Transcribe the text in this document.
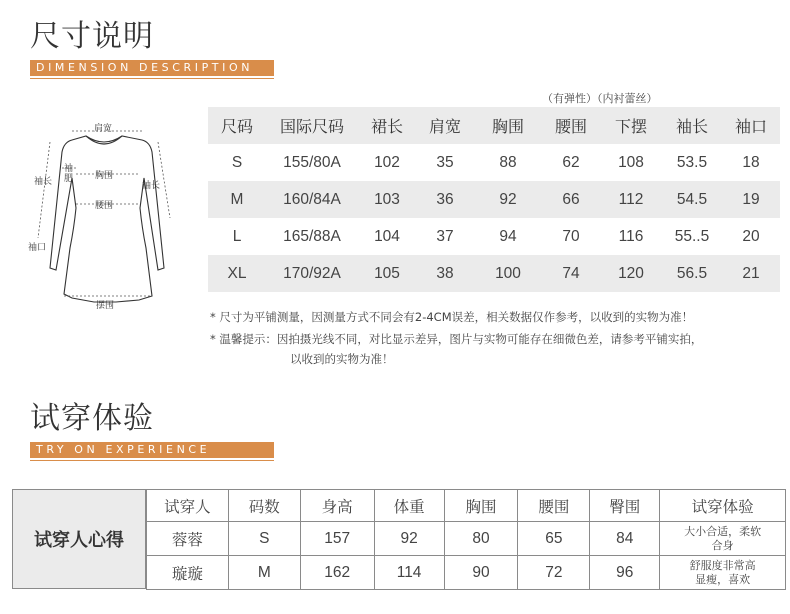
尺寸说明
DIMENSION DESCRIPTION
肩宽
袖长
袖肥 胸围
腰围
袖长
袖口
摆围
（有弹性）（内衬蕾丝）
尺码	国际尺码	裙长	肩宽	胸围	腰围	下摆	袖长	袖口
S	155/80A	102	35	88	62	108	53.5	18
M	160/84A	103	36	92	66	112	54.5	19
L	165/88A	104	37	94	70	116	55..5	20
XL	170/92A	105	38	100	74	120	56.5	21
* 尺寸为平铺测量，因测量方式不同会有2-4CM误差，相关数据仅作参考，以收到的实物为准！
* 温馨提示：因拍摄光线不同，对比显示差异，图片与实物可能存在细微色差，请参考平铺实拍，
以收到的实物为准！
试穿体验
TRY ON EXPERIENCE
试穿人心得
试穿人	码数	身高	体重	胸围	腰围	臀围	试穿体验
蓉蓉	S	157	92	80	65	84	大小合适，柔软
合身

璇璇	M	162	114	90	72	96	舒服度非常高
显瘦，喜欢
